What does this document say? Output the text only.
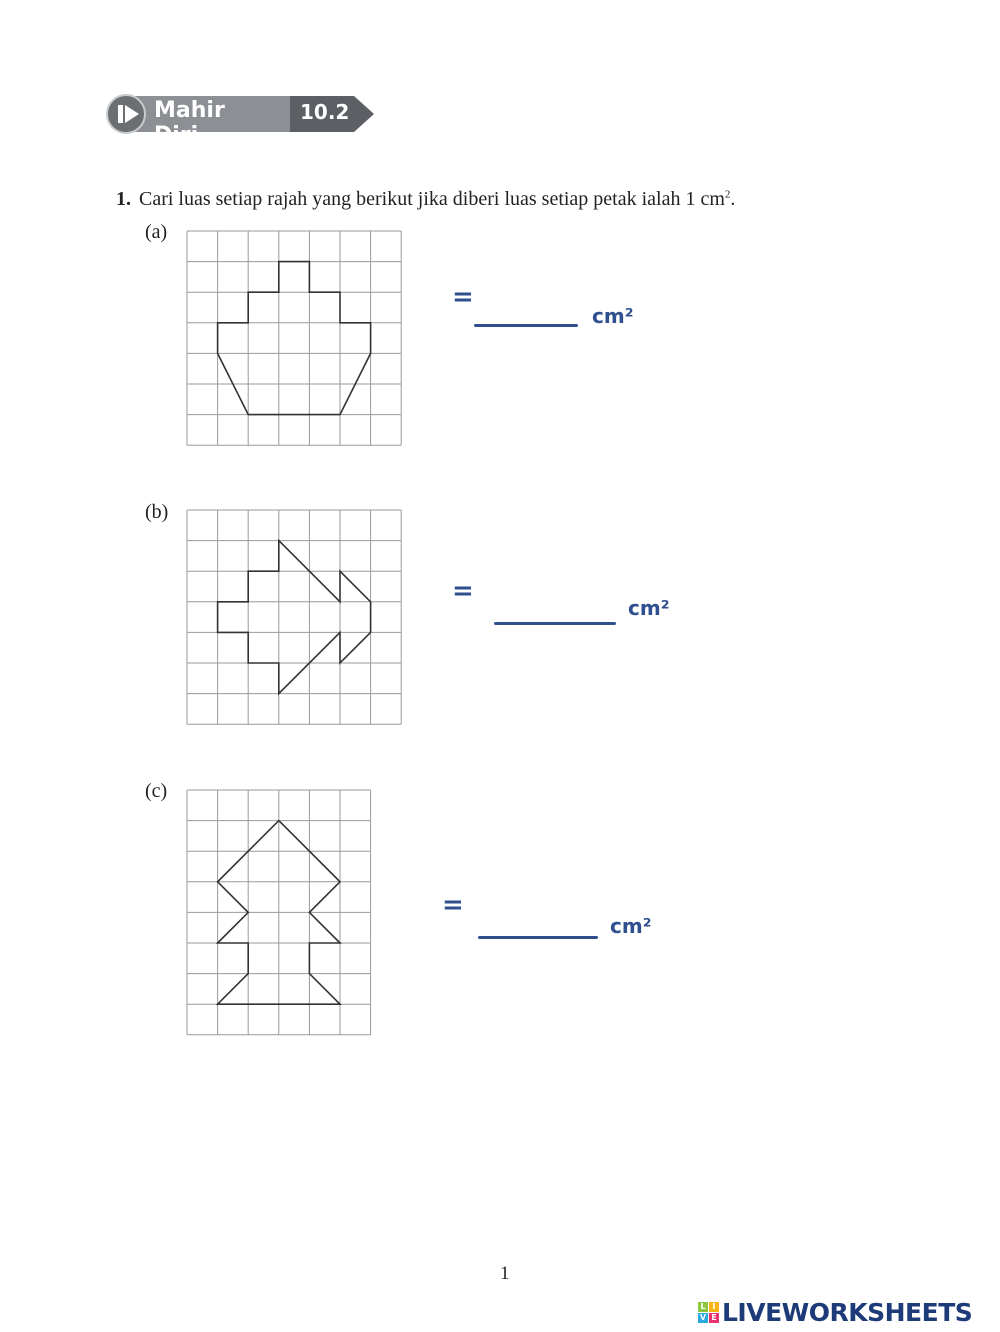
Mahir Diri
10.2
1. Cari luas setiap rajah yang berikut jika diberi luas setiap petak ialah 1 $cm^2$.
(a)
=
cm²
(b)
=
cm²
(c)
=
cm²
1
L I
V E LIVEWORKSHEETS
